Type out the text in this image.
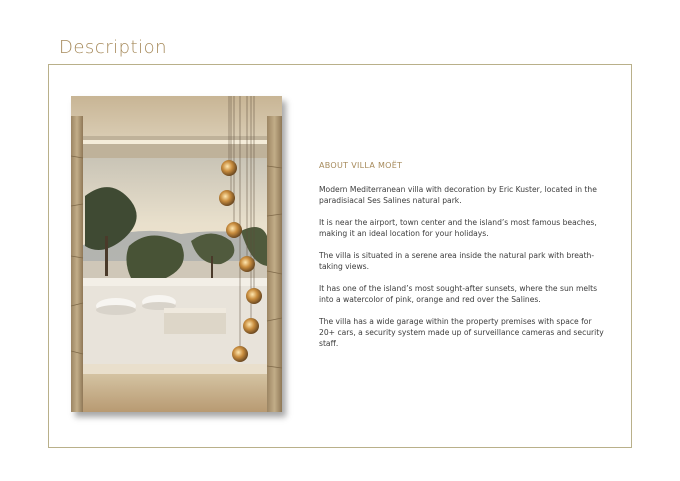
Description
ABOUT VILLA MOËT

Modern Mediterranean villa with decoration by Eric Kuster, located in the paradisiacal Ses Salines natural park.

It is near the airport, town center and the island’s most famous beaches, making it an ideal location for your holidays.

The villa is situated in a serene area inside the natural park with breath-taking views.

It has one of the island’s most sought-after sunsets, where the sun melts into a watercolor of pink, orange and red over the Salines.

The villa has a wide garage within the property premises with space for 20+ cars, a security system made up of surveillance cameras and security staff.
